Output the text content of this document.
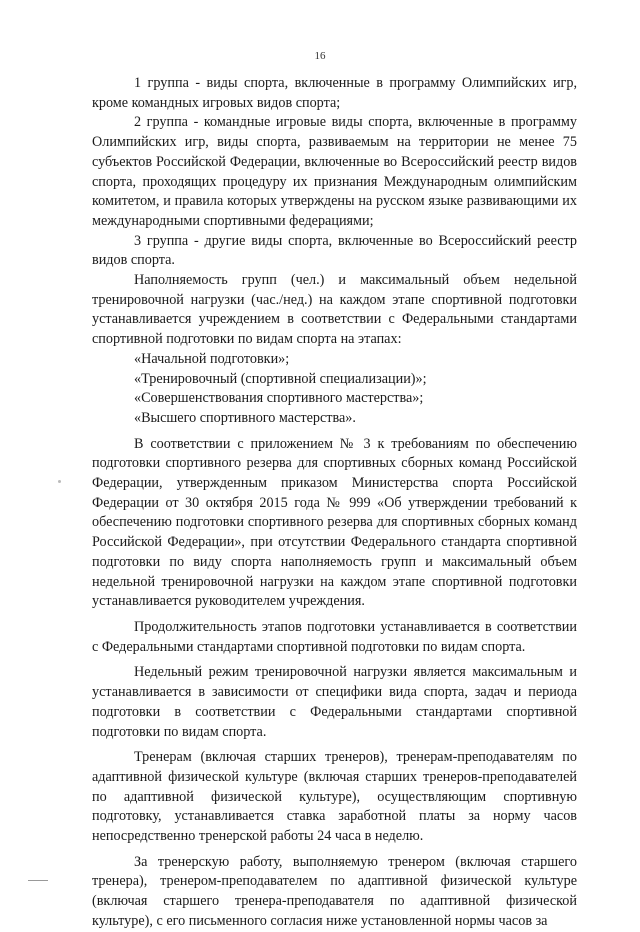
16

1 группа - виды спорта, включенные в программу Олимпийских игр, кроме командных игровых видов спорта;

2 группа - командные игровые виды спорта, включенные в программу Олимпийских игр, виды спорта, развиваемым на территории не менее 75 субъектов Российской Федерации, включенные во Всероссийский реестр видов спорта, проходящих процедуру их признания Международным олимпийским комитетом, и правила которых утверждены на русском языке развивающими их международными спортивными федерациями;

3 группа - другие виды спорта, включенные во Всероссийский реестр видов спорта.

Наполняемость групп (чел.) и максимальный объем недельной тренировочной нагрузки (час./нед.) на каждом этапе спортивной подготовки устанавливается учреждением в соответствии с Федеральными стандартами спортивной подготовки по видам спорта на этапах:

«Начальной подготовки»;

«Тренировочный (спортивной специализации)»;

«Совершенствования спортивного мастерства»;

«Высшего спортивного мастерства».

В соответствии с приложением № 3 к требованиям по обеспечению подготовки спортивного резерва для спортивных сборных команд Российской Федерации, утвержденным приказом Министерства спорта Российской Федерации от 30 октября 2015 года № 999 «Об утверждении требований к обеспечению подготовки спортивного резерва для спортивных сборных команд Российской Федерации», при отсутствии Федерального стандарта спортивной подготовки по виду спорта наполняемость групп и максимальный объем недельной тренировочной нагрузки на каждом этапе спортивной подготовки устанавливается руководителем учреждения.

Продолжительность этапов подготовки устанавливается в соответствии с Федеральными стандартами спортивной подготовки по видам спорта.

Недельный режим тренировочной нагрузки является максимальным и устанавливается в зависимости от специфики вида спорта, задач и периода подготовки в соответствии с Федеральными стандартами спортивной подготовки по видам спорта.

Тренерам (включая старших тренеров), тренерам-преподавателям по адаптивной физической культуре (включая старших тренеров-преподавателей по адаптивной физической культуре), осуществляющим спортивную подготовку, устанавливается ставка заработной платы за норму часов непосредственно тренерской работы 24 часа в неделю.

За тренерскую работу, выполняемую тренером (включая старшего тренера), тренером-преподавателем по адаптивной физической культуре (включая старшего тренера-преподавателя по адаптивной физической культуре), с его письменного согласия ниже установленной нормы часов за
